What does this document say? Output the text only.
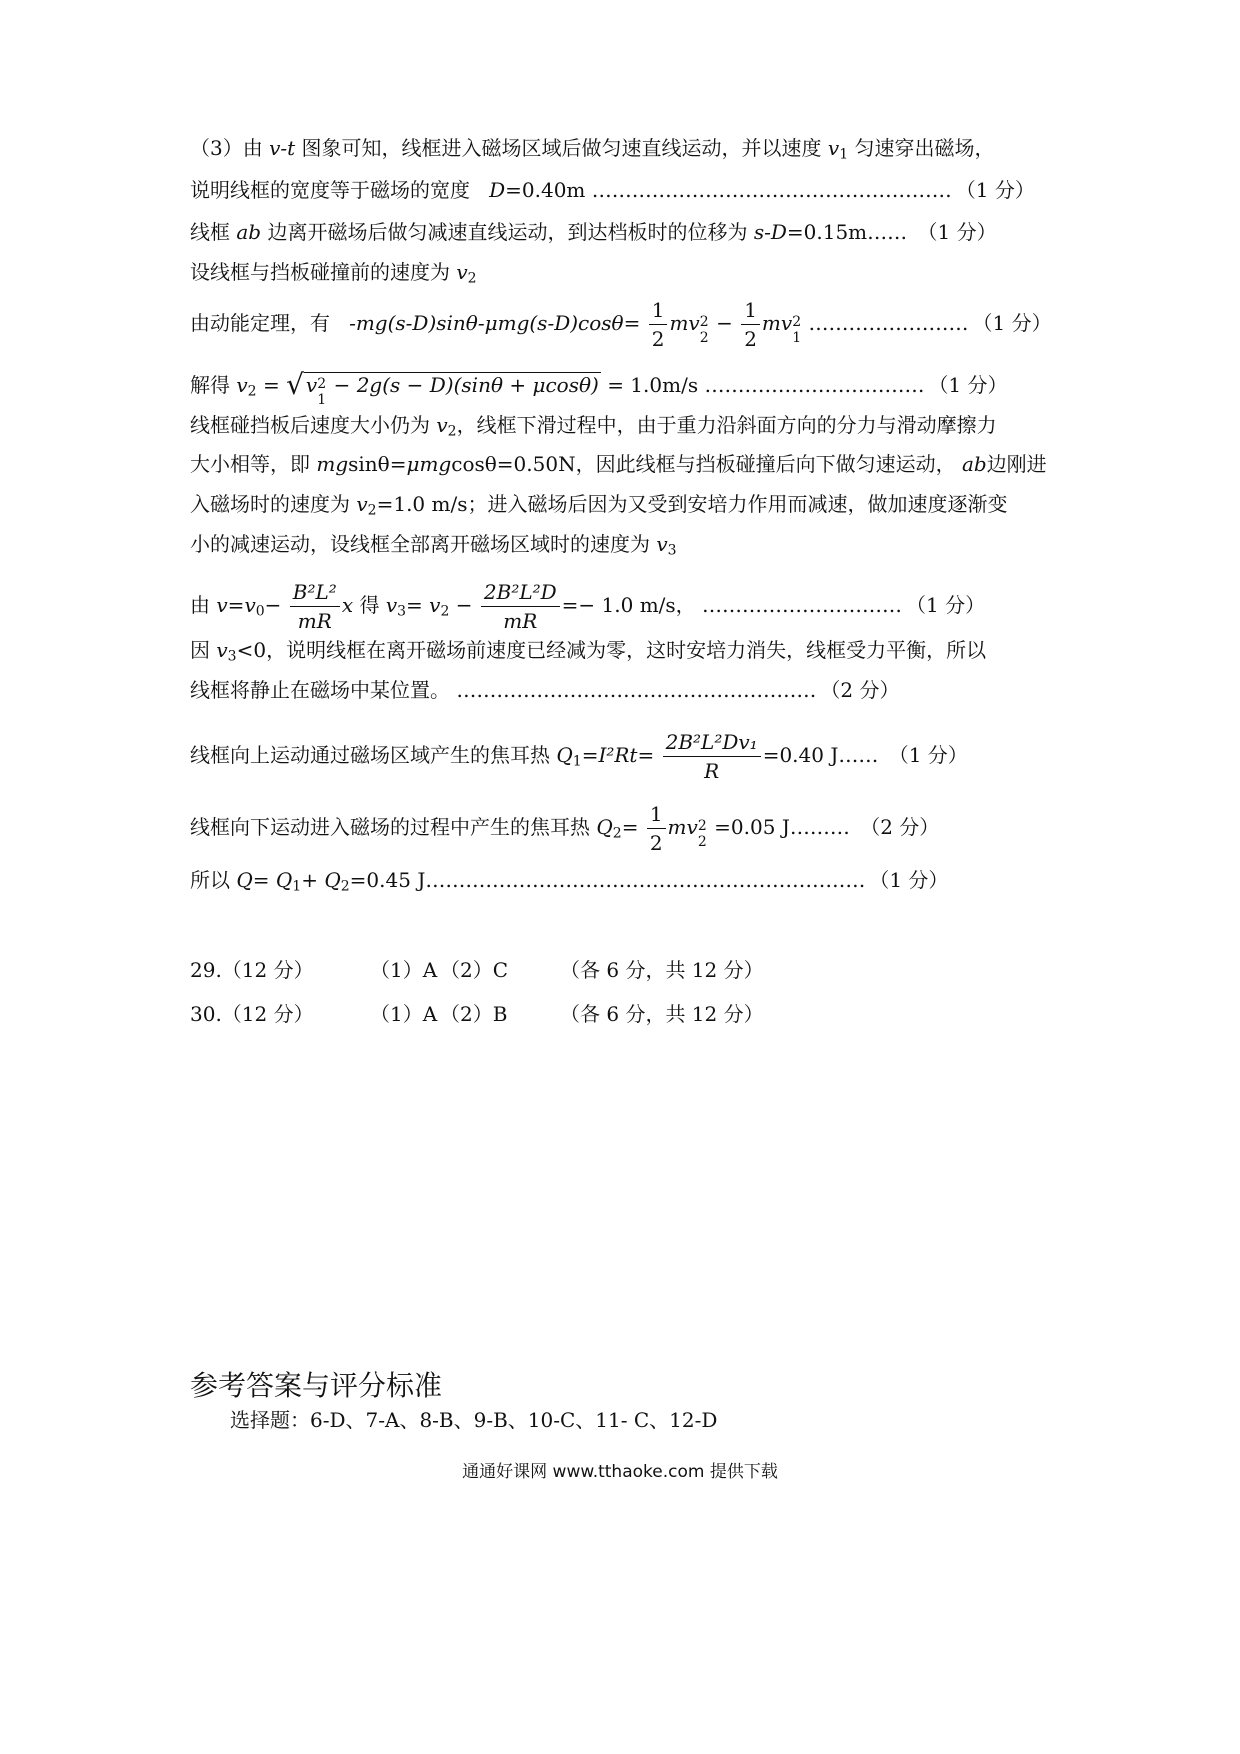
（3）由 v-t 图象可知，线框进入磁场区域后做匀速直线运动，并以速度 $v_1$ 匀速穿出磁场，
说明线框的宽度等于磁场的宽度 D=0.40m ……………………………………………… （1 分）
线框 ab 边离开磁场后做匀减速直线运动，到达档板时的位移为 s-D=0.15m…… （1 分）
设线框与挡板碰撞前的速度为 $v_2$
由动能定理，有 $-mg(s-D)\sin\theta-\mu mg(s-D)\cos\theta= \frac{1}{2}$ mv 2
2
− $\frac{1}{2}$ mv 2
1
…………………… （1 分）
解得 $v_2$ = √ v 2
1
− 2g(s − D)(sinθ + μcosθ) = 1.0m/s …………………………… （1 分）
线框碰挡板后速度大小仍为 $v_2$，线框下滑过程中，由于重力沿斜面方向的分力与滑动摩擦力
大小相等，即 mgsinθ=μmgcosθ=0.50N，因此线框与挡板碰撞后向下做匀速运动， ab边刚进
入磁场时的速度为 $v_2=1.0$ m/s；进入磁场后因为又受到安培力作用而减速，做加速度逐渐变
小的减速运动，设线框全部离开磁场区域时的速度为 $v_3$
由 $v=v_0- \frac{\text{B²L²}}{mR}$ x 得 $v_3= v_2 - \frac{\text{2B²L²D}}{mR} =- 1.0$ m/s， ………………………… （1 分）
因 $v_3<0$，说明线框在离开磁场前速度已经减为零，这时安培力消失，线框受力平衡，所以
线框将静止在磁场中某位置。 ……………………………………………… （2 分）
线框向上运动通过磁场区域产生的焦耳热 $Q_1=I^2Rt= \frac{\text{2B²L²Dv₁}}{R} =0.40$ J…… （1 分）
线框向下运动进入磁场的过程中产生的焦耳热 $Q_2= \frac{1}{2}$ mv 2
2
=0.05 J……… （2 分）
所以 $Q= Q_1+ Q_2=0.45$ J………………………………………………………… （1 分）
29.（12 分）	（1）A （2）C	（各 6 分，共 12 分）
30.（12 分）	（1）A （2）B	（各 6 分，共 12 分）
参考答案与评分标准
选择题：6-D、7-A、8-B、9-B、10-C、11- C、12-D
通通好课网 www.tthaoke.com 提供下载
